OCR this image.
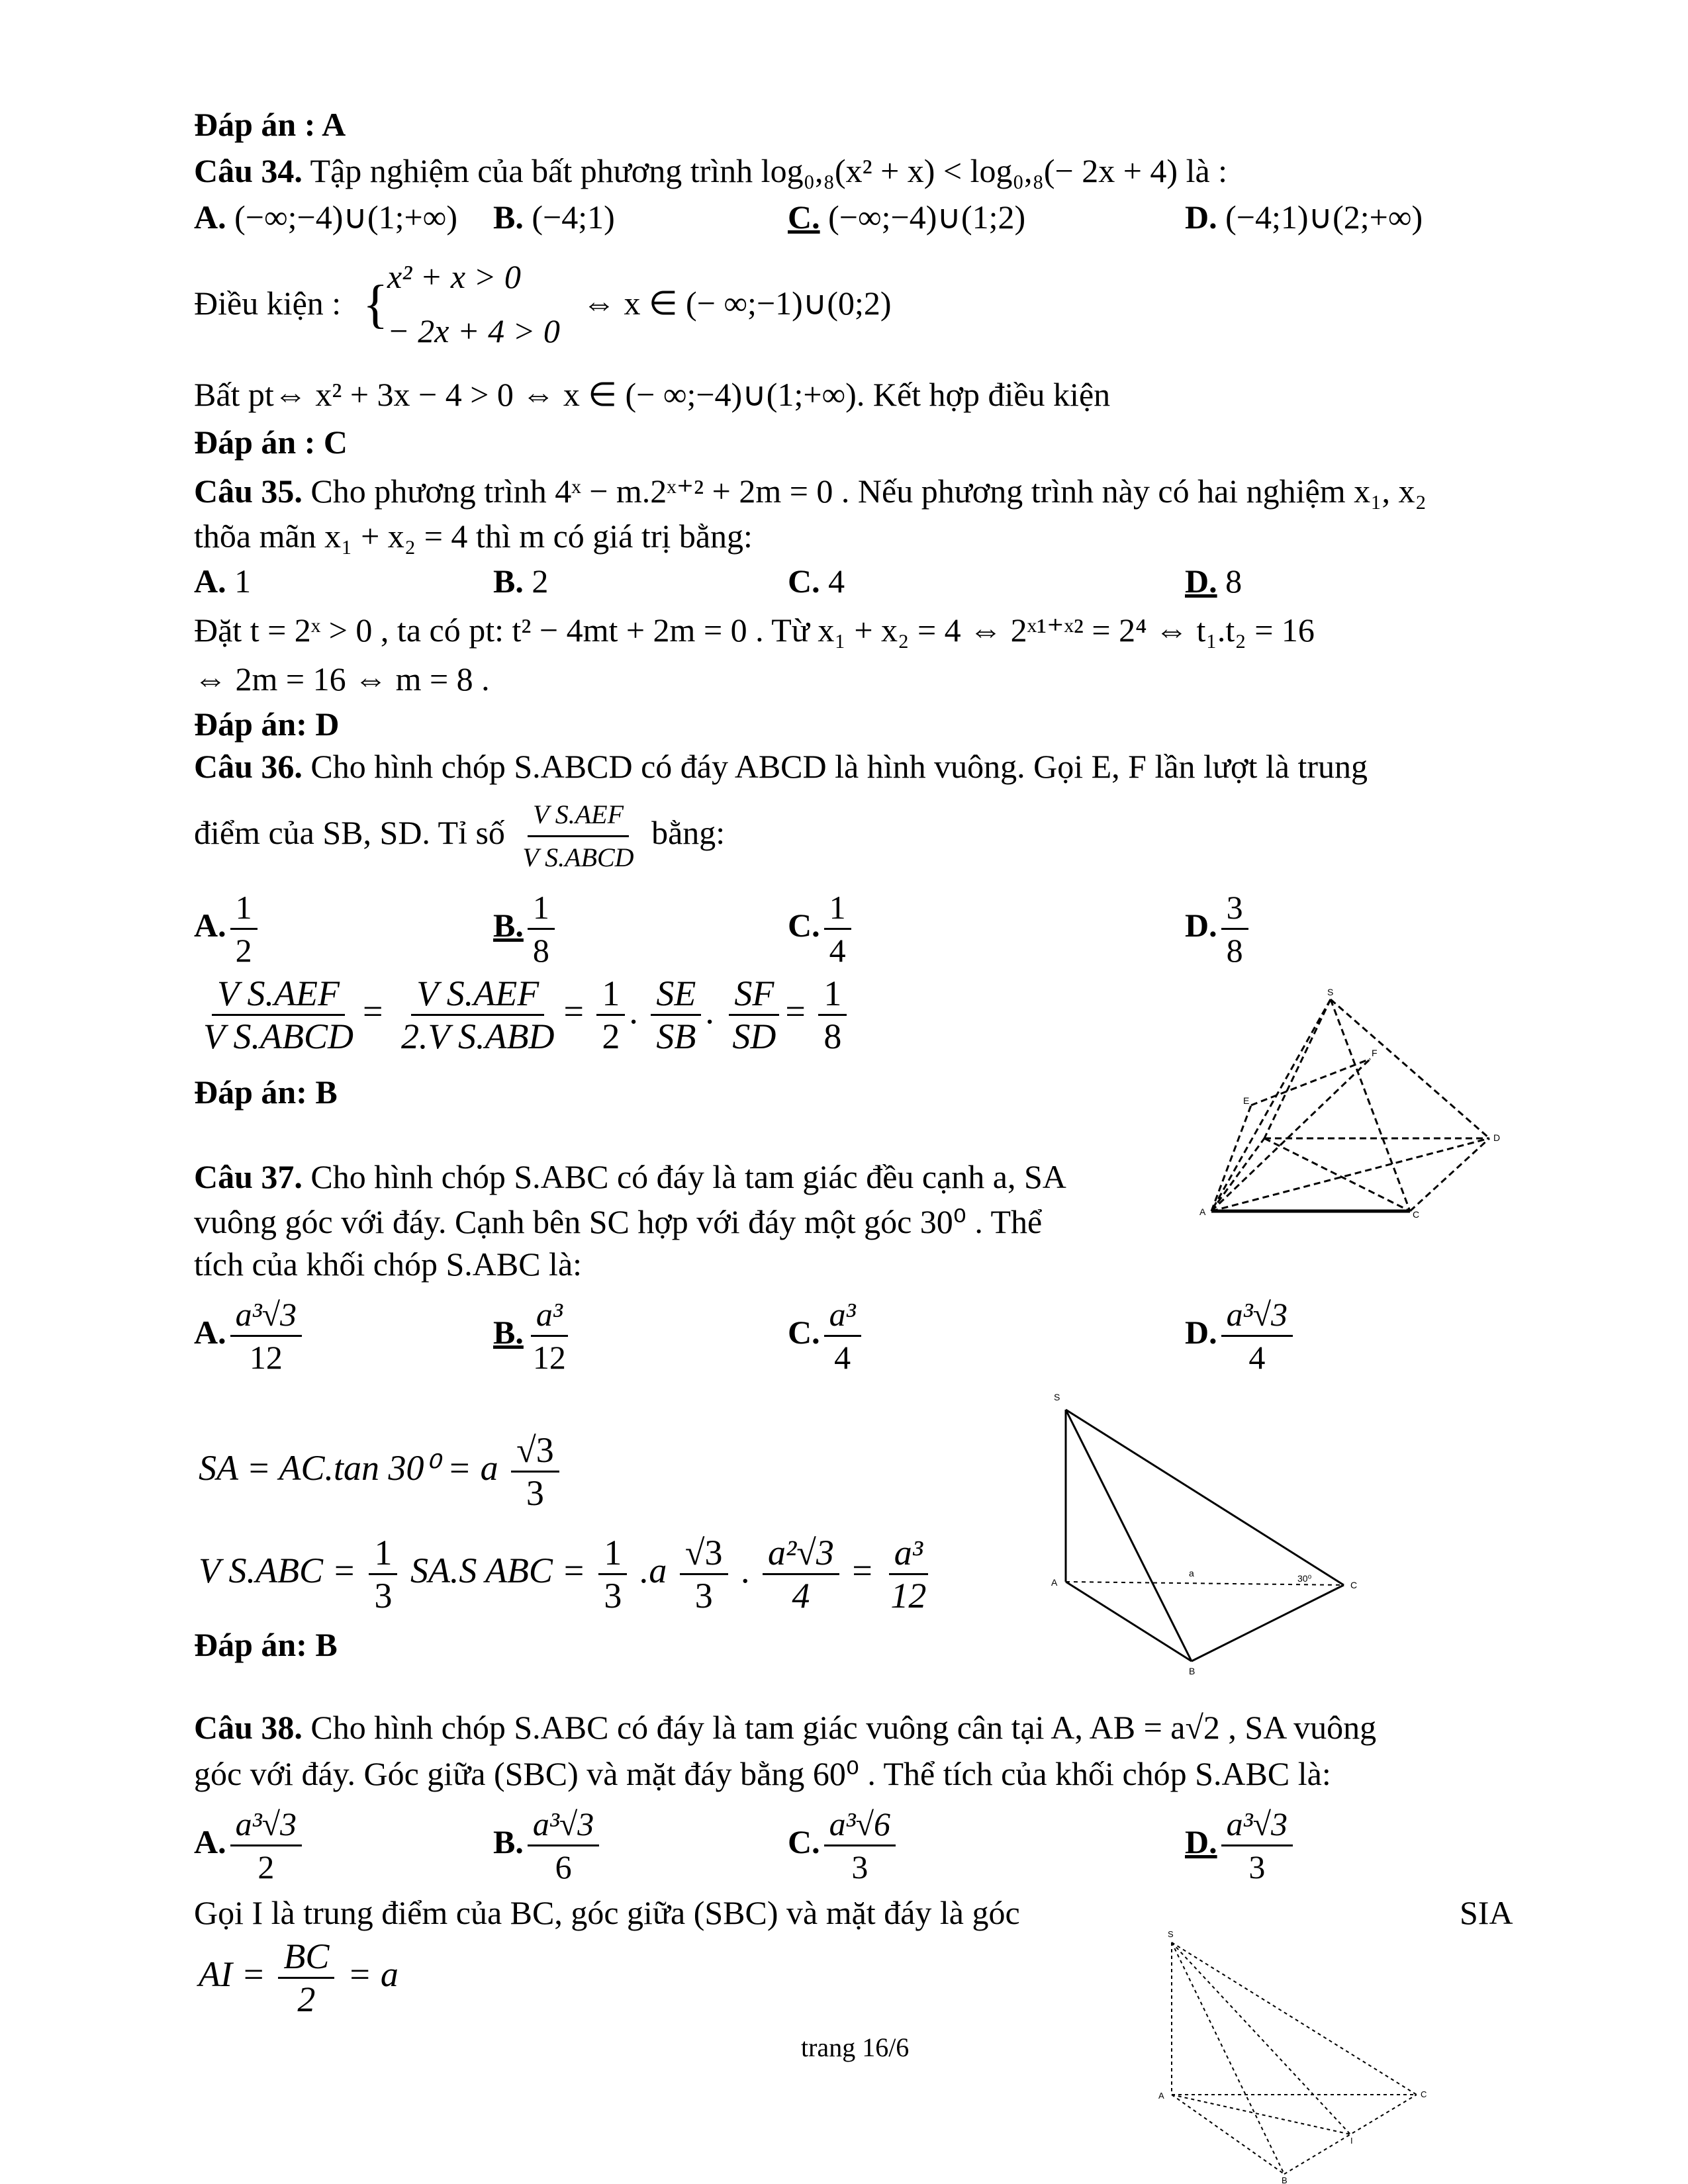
Đáp án : A
Câu 34. Tập nghiệm của bất phương trình log₀,₈(x² + x) < log₀,₈(− 2x + 4) là :
A. (−∞;−4)∪(1;+∞) B. (−4;1)	C. (−∞;−4)∪(1;2)	D. (−4;1)∪(2;+∞)
Điều kiện : {
x² + x > 0
− 2x + 4 > 0
⇔ x ∈ (− ∞;−1)∪(0;2)
Bất pt⇔ x² + 3x − 4 > 0 ⇔ x ∈ (− ∞;−4)∪(1;+∞). Kết hợp điều kiện
Đáp án : C
Câu 35. Cho phương trình 4ˣ − m.2ˣ⁺² + 2m = 0 . Nếu phương trình này có hai nghiệm x₁, x₂
thõa mãn x₁ + x₂ = 4 thì m có giá trị bằng:
A. 1	B. 2	C. 4	D. 8
Đặt t = 2ˣ > 0 , ta có pt: t² − 4mt + 2m = 0 . Từ x₁ + x₂ = 4 ⇔ 2ˣ¹⁺ˣ² = 2⁴ ⇔ t₁.t₂ = 16
⇔ 2m = 16 ⇔ m = 8 .
Đáp án: D
Câu 36. Cho hình chóp S.ABCD có đáy ABCD là hình vuông. Gọi E, F lần lượt là trung
điểm của SB, SD. Tỉ số $\frac{\text{V S.AEF}}{\text{V S.ABCD}}$ bằng:
A. $\frac{1}{2}$	B. $\frac{1}{8}$	C. $\frac{1}{4}$	D. $\frac{3}{8}$
$\frac{\text{V S.AEF}}{\text{V S.ABCD}} = \frac{\text{V S.AEF}}{\text{2.V S.ABD}} = \frac{1}{2}$ . $\frac{SE}{SB}$ . $\frac{SF}{SD} = \frac{1}{8}$
Đáp án: B
S
F
E
D
A	C
Câu 37. Cho hình chóp S.ABC có đáy là tam giác đều cạnh a, SA
vuông góc với đáy. Cạnh bên SC hợp với đáy một góc 30⁰ . Thể
tích của khối chóp S.ABC là:
A. $\frac{\text{a³√3}}{12}$	B. $\frac{\text{a³}}{12}$	C. $\frac{\text{a³}}{4}$	D. $\frac{\text{a³√3}}{4}$
SA = AC.tan 30⁰ = a $\frac{√3}{3}$
V $S.ABC = \frac{1}{3} SA.S$ ABC = $\frac{1}{3} .a \frac{√3}{3}$ . $\frac{\text{a²√3}}{4} = \frac{\text{a³}}{12}$
Đáp án: B
S
A
B
C
a	30⁰
Câu 38. Cho hình chóp S.ABC có đáy là tam giác vuông cân tại A, AB = a√2 , SA vuông
góc với đáy. Góc giữa (SBC) và mặt đáy bằng 60⁰ . Thể tích của khối chóp S.ABC là:
A. $\frac{\text{a³√3}}{2}$	B. $\frac{\text{a³√3}}{6}$	C. $\frac{\text{a³√6}}{3}$	D. $\frac{\text{a³√3}}{3}$
Gọi I là trung điểm của BC, góc giữa (SBC) và mặt đáy là góc	SIA
AI = $\frac{BC}{2} = a$
S
A
B
C
I
trang 16/6
